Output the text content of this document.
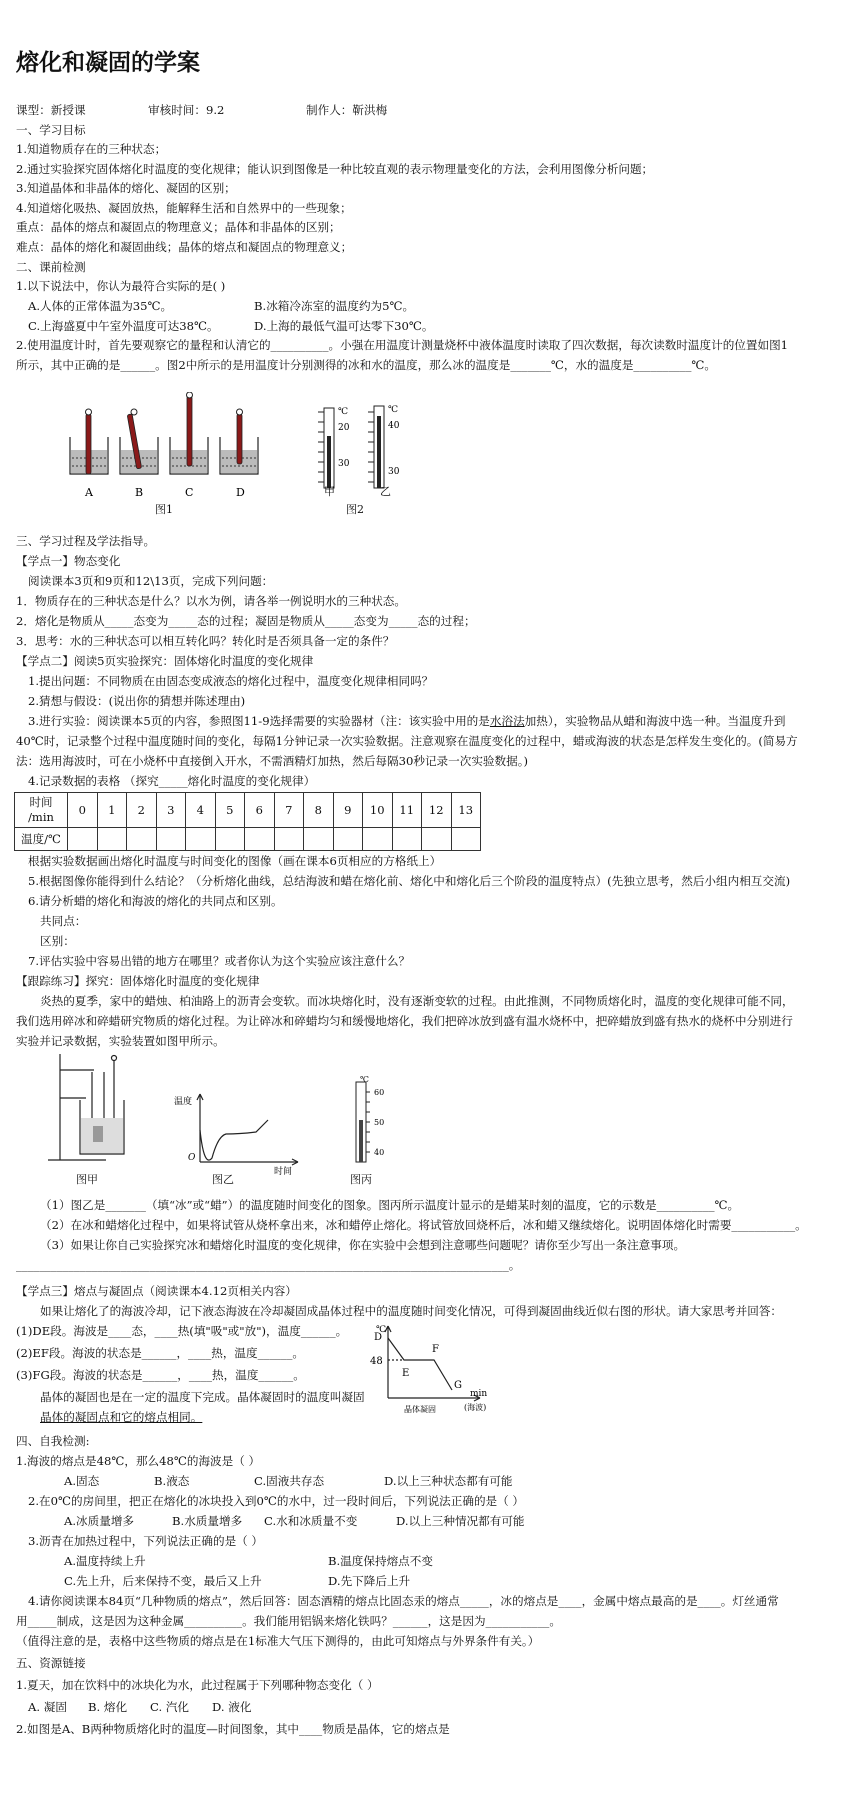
熔化和凝固的学案
课型：新授课	审核时间：9.2	制作人：靳洪梅
一、学习目标
1.知道物质存在的三种状态；
2.通过实验探究固体熔化时温度的变化规律；能认识到图像是一种比较直观的表示物理量变化的方法，会利用图像分析问题；
3.知道晶体和非晶体的熔化、凝固的区别；
4.知道熔化吸热、凝固放热，能解释生活和自然界中的一些现象；
重点：晶体的熔点和凝固点的物理意义；晶体和非晶体的区别；
难点：晶体的熔化和凝固曲线；晶体的熔点和凝固点的物理意义；
二、课前检测
1.以下说法中，你认为最符合实际的是( )
A.人体的正常体温为35℃。	B.冰箱冷冻室的温度约为5℃。
C.上海盛夏中午室外温度可达38℃。	D.上海的最低气温可达零下30℃。
2.使用温度计时，首先要观察它的量程和认清它的__________。小强在用温度计测量烧杯中液体温度时读取了四次数据，每次读数时温度计的位置如图1
所示，其中正确的是______。图2中所示的是用温度计分别测得的冰和水的温度，那么冰的温度是_______℃，水的温度是__________℃。
A	B	C	D
图1
℃
20
30
℃
40
30
甲	乙
图2
三、学习过程及学法指导。
【学点一】物态变化
阅读课本3页和9页和12\13页，完成下列问题：
1．物质存在的三种状态是什么？以水为例，请各举一例说明水的三种状态。
2．熔化是物质从_____态变为_____态的过程；凝固是物质从_____态变为_____态的过程；
3．思考：水的三种状态可以相互转化吗？转化时是否须具备一定的条件？
【学点二】阅读5页实验探究：固体熔化时温度的变化规律
1.提出问题：不同物质在由固态变成液态的熔化过程中，温度变化规律相同吗？
2.猜想与假设：(说出你的猜想并陈述理由)
3.进行实验：阅读课本5页的内容，参照图11-9选择需要的实验器材（注：该实验中用的是水浴法加热），实验物品从蜡和海波中选一种。当温度升到
40℃时，记录整个过程中温度随时间的变化，每隔1分钟记录一次实验数据。注意观察在温度变化的过程中，蜡或海波的状态是怎样发生变化的。(简易方
法：选用海波时，可在小烧杯中直接倒入开水，不需酒精灯加热，然后每隔30秒记录一次实验数据。)
4.记录数据的表格 （探究_____熔化时温度的变化规律）
时间
/min	0	1	2	3	4	5	6	7	8	9	10	11	12	13
温度/℃														
根据实验数据画出熔化时温度与时间变化的图像（画在课本6页相应的方格纸上）
5.根据图像你能得到什么结论？（分析熔化曲线，总结海波和蜡在熔化前、熔化中和熔化后三个阶段的温度特点）(先独立思考，然后小组内相互交流)
6.请分析蜡的熔化和海波的熔化的共同点和区别。
共同点：
区别：
7.评估实验中容易出错的地方在哪里？或者你认为这个实验应该注意什么？
【跟踪练习】探究：固体熔化时温度的变化规律
炎热的夏季，家中的蜡烛、柏油路上的沥青会变软。而冰块熔化时，没有逐渐变软的过程。由此推测，不同物质熔化时，温度的变化规律可能不同，
我们选用碎冰和碎蜡研究物质的熔化过程。为让碎冰和碎蜡均匀和缓慢地熔化，我们把碎冰放到盛有温水烧杯中，把碎蜡放到盛有热水的烧杯中分别进行
实验并记录数据，实验装置如图甲所示。
图甲
温度
时间
O
图乙
℃
60
50
40
图丙
（1）图乙是_______（填“冰”或“蜡”）的温度随时间变化的图象。图丙所示温度计显示的是蜡某时刻的温度，它的示数是__________℃。
（2）在冰和蜡熔化过程中，如果将试管从烧杯拿出来，冰和蜡停止熔化。将试管放回烧杯后，冰和蜡又继续熔化。说明固体熔化时需要___________。
（3）如果让你自己实验探究冰和蜡熔化时温度的变化规律，你在实验中会想到注意哪些问题呢？请你至少写出一条注意事项。
_____________________________________________________________________________________。
【学点三】熔点与凝固点（阅读课本4.12页相关内容）
如果让熔化了的海波冷却，记下液态海波在冷却凝固成晶体过程中的温度随时间变化情况，可得到凝固曲线近似右图的形状。请大家思考并回答：
(1)DE段。海波是____态，____热(填"吸"或"放")，温度______。
(2)EF段。海波的状态是______，____热，温度______。
(3)FG段。海波的状态是______，____热，温度______。
晶体的凝固也是在一定的温度下完成。晶体凝固时的温度叫凝固
晶体的凝固点和它的熔点相同。
℃
D
48
E
F
G
min
晶体凝固	(海波)
四、自我检测:
1.海波的熔点是48℃，那么48℃的海波是（ ）
A.固态	B.液态	C.固液共存态	D.以上三种状态都有可能
2.在0℃的房间里，把正在熔化的冰块投入到0℃的水中，过一段时间后，下列说法正确的是（ ）
A.冰质量增多	B.水质量增多 C.水和冰质量不变	D.以上三种情况都有可能
3.沥青在加热过程中，下列说法正确的是（ ）
A.温度持续上升	B.温度保持熔点不变
C.先上升，后来保持不变，最后又上升	D.先下降后上升
4.请你阅读课本84页“几种物质的熔点”，然后回答：固态酒精的熔点比固态汞的熔点_____，冰的熔点是____，金属中熔点最高的是____。灯丝通常
用_____制成，这是因为这种金属__________。我们能用铝锅来熔化铁吗？______，这是因为___________。
（值得注意的是，表格中这些物质的熔点是在1标准大气压下测得的，由此可知熔点与外界条件有关。）
五、资源链接
1.夏天，加在饮料中的冰块化为水，此过程属于下列哪种物态变化（ ）
A. 凝固 B. 熔化 C. 汽化 D. 液化
2.如图是A、B两种物质熔化时的温度—时间图象，其中____物质是晶体，它的熔点是
